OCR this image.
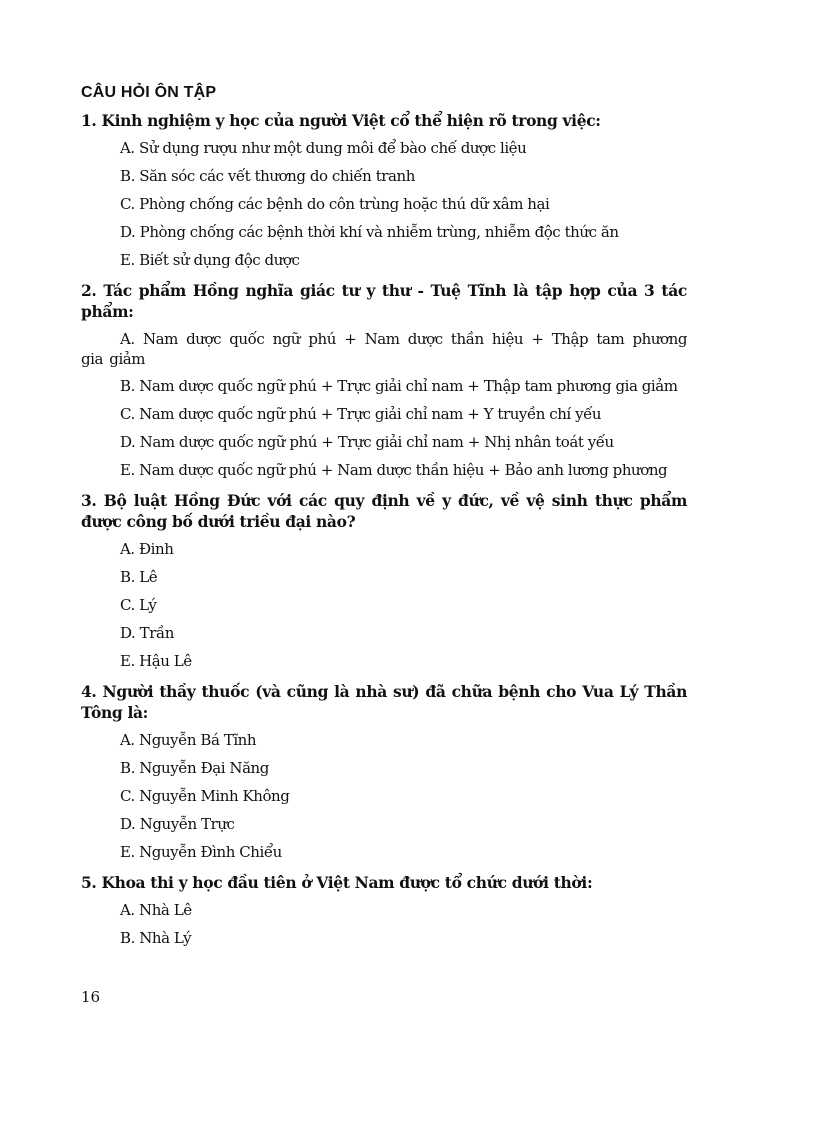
CÂU HỎI ÔN TẬP
1. Kinh nghiệm y học của người Việt cổ thể hiện rõ trong việc:
A. Sử dụng rượu như một dung môi để bào chế dược liệu
B. Săn sóc các vết thương do chiến tranh
C. Phòng chống các bệnh do côn trùng hoặc thú dữ xâm hại
D. Phòng chống các bệnh thời khí và nhiễm trùng, nhiễm độc thức ăn
E. Biết sử dụng độc dược
2. Tác phẩm Hồng nghĩa giác tư y thư - Tuệ Tĩnh là tập hợp của 3 tác phẩm:
A. Nam dược quốc ngữ phú + Nam dược thần hiệu + Thập tam phương gia giảm
B. Nam dược quốc ngữ phú + Trực giải chỉ nam + Thập tam phương gia giảm
C. Nam dược quốc ngữ phú + Trực giải chỉ nam + Y truyền chí yếu
D. Nam dược quốc ngữ phú + Trực giải chỉ nam + Nhị nhân toát yếu
E. Nam dược quốc ngữ phú + Nam dược thần hiệu + Bảo anh lương phương
3. Bộ luật Hồng Đức với các quy định về y đức, về vệ sinh thực phẩm được công bố dưới triều đại nào?
A. Đinh
B. Lê
C. Lý
D. Trần
E. Hậu Lê
4. Người thầy thuốc (và cũng là nhà sư) đã chữa bệnh cho Vua Lý Thần Tông là:
A. Nguyễn Bá Tĩnh
B. Nguyễn Đại Năng
C. Nguyễn Minh Không
D. Nguyễn Trực
E. Nguyễn Đình Chiểu
5. Khoa thi y học đầu tiên ở Việt Nam được tổ chức dưới thời:
A. Nhà Lê
B. Nhà Lý
16
